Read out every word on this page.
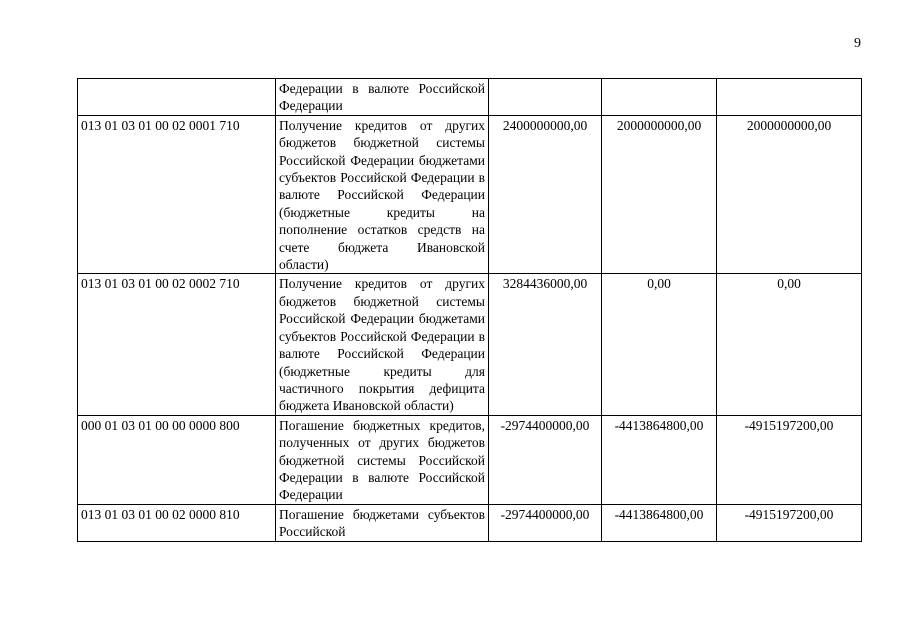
9
	Федерации в валюте Российской Федерации			
013 01 03 01 00 02 0001 710	Получение кредитов от других бюджетов бюджетной системы Российской Федерации бюджетами субъектов Российской Федерации в валюте Российской Федерации (бюджетные кредиты на пополнение остатков средств на счете бюджета Ивановской области)	2400000000,00	2000000000,00	2000000000,00
013 01 03 01 00 02 0002 710	Получение кредитов от других бюджетов бюджетной системы Российской Федерации бюджетами субъектов Российской Федерации в валюте Российской Федерации (бюджетные кредиты для частичного покрытия дефицита бюджета Ивановской области)	3284436000,00	0,00	0,00
000 01 03 01 00 00 0000 800	Погашение бюджетных кредитов, полученных от других бюджетов бюджетной системы Российской Федерации в валюте Российской Федерации	-2974400000,00	-4413864800,00	-4915197200,00
013 01 03 01 00 02 0000 810	Погашение бюджетами субъектов Российской	-2974400000,00	-4413864800,00	-4915197200,00
